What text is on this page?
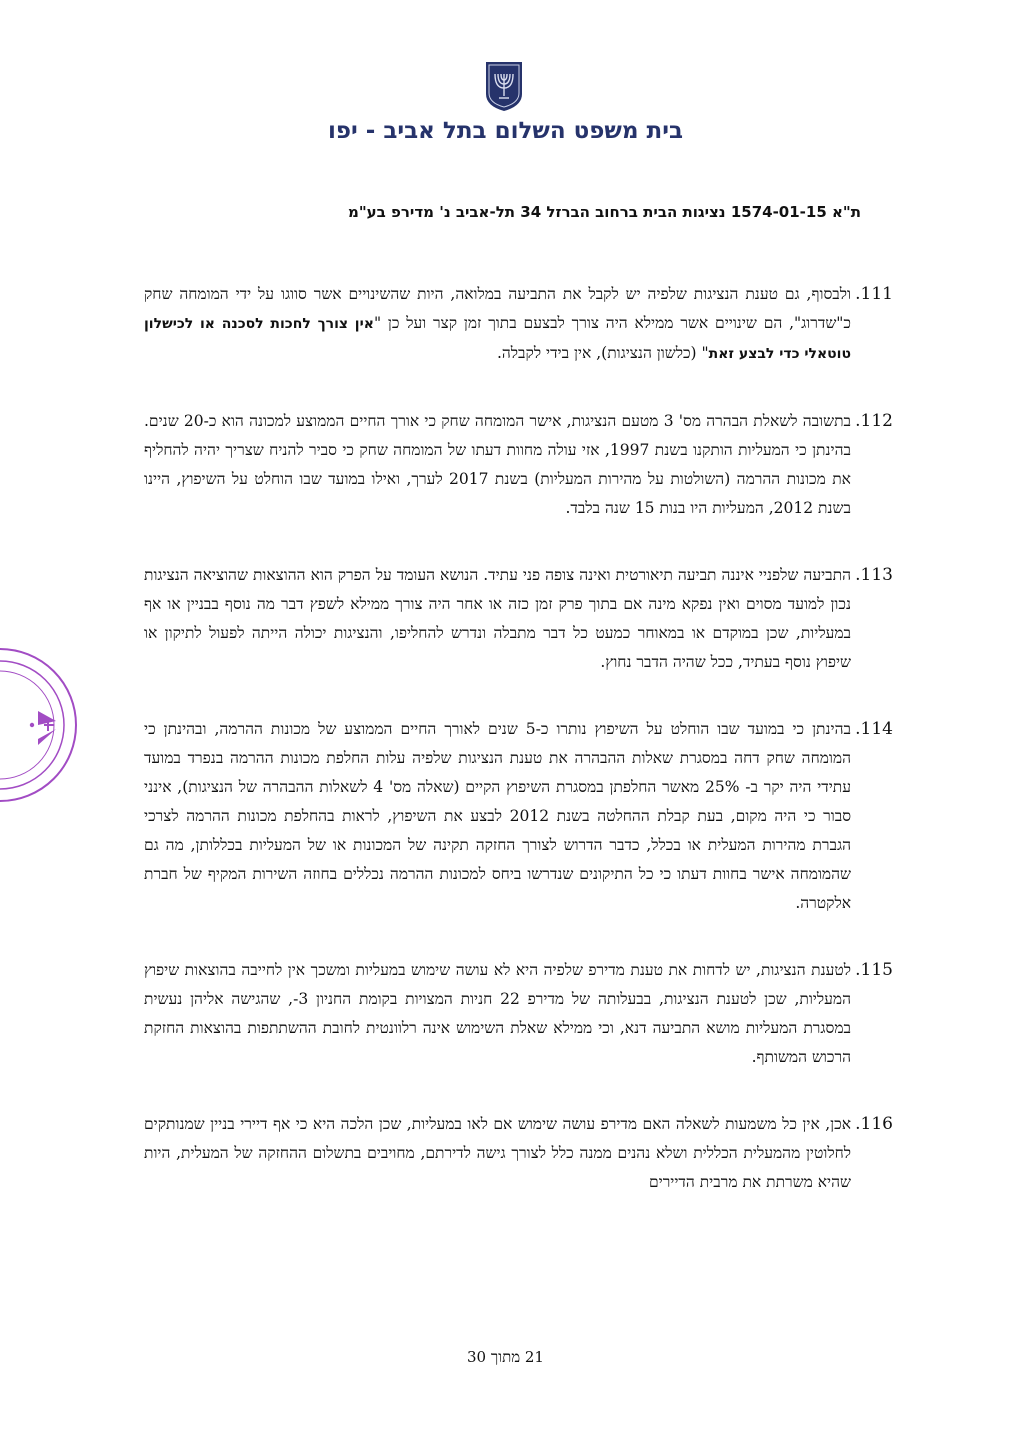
בית משפט השלום בתל אביב - יפו
ת"א 1574-01-15 נציגות הבית ברחוב הברזל 34 תל-אביב נ' מדירפ בע"מ
111.
ולבסוף, גם טענת הנציגות שלפיה יש לקבל את התביעה במלואה, היות שהשינויים אשר סווגו על ידי המומחה שחק כ"שדרוג", הם שינויים אשר ממילא היה צורך לבצעם בתוך זמן קצר ועל כן "אין צורך לחכות לסכנה או לכישלון טוטאלי כדי לבצע זאת" (כלשון הנציגות), אין בידי לקבלה.
112.
בתשובה לשאלת הבהרה מס' 3 מטעם הנציגות, אישר המומחה שחק כי אורך החיים הממוצע למכונה הוא כ-20 שנים. בהינתן כי המעליות הותקנו בשנת 1997, אזי עולה מחוות דעתו של המומחה שחק כי סביר להניח שצריך יהיה להחליף את מכונות ההרמה (השולטות על מהירות המעליות) בשנת 2017 לערך, ואילו במועד שבו הוחלט על השיפוץ, היינו בשנת 2012, המעליות היו בנות 15 שנה בלבד.
113.
התביעה שלפניי איננה תביעה תיאורטית ואינה צופה פני עתיד. הנושא העומד על הפרק הוא ההוצאות שהוציאה הנציגות נכון למועד מסוים ואין נפקא מינה אם בתוך פרק זמן כזה או אחר היה צורך ממילא לשפץ דבר מה נוסף בבניין או אף במעליות, שכן במוקדם או במאוחר כמעט כל דבר מתבלה ונדרש להחליפו, והנציגות יכולה הייתה לפעול לתיקון או שיפוץ נוסף בעתיד, ככל שהיה הדבר נחוץ.
114.
בהינתן כי במועד שבו הוחלט על השיפוץ נותרו כ-5 שנים לאורך החיים הממוצע של מכונות ההרמה, ובהינתן כי המומחה שחק דחה במסגרת שאלות ההבהרה את טענת הנציגות שלפיה עלות החלפת מכונות ההרמה בנפרד במועד עתידי היה יקר ב- 25% מאשר החלפתן במסגרת השיפוץ הקיים (שאלה מס' 4 לשאלות ההבהרה של הנציגות), אינני סבור כי היה מקום, בעת קבלת ההחלטה בשנת 2012 לבצע את השיפוץ, לראות בהחלפת מכונות ההרמה לצרכי הגברת מהירות המעלית או בכלל, כדבר הדרוש לצורך החזקה תקינה של המכונות או של המעליות בכללותן, מה גם שהמומחה אישר בחוות דעתו כי כל התיקונים שנדרשו ביחס למכונות ההרמה נכללים בחוזה השירות המקיף של חברת אלקטרה.
115.
לטענת הנציגות, יש לדחות את טענת מדירפ שלפיה היא לא עושה שימוש במעליות ומשכך אין לחייבה בהוצאות שיפוץ המעליות, שכן לטענת הנציגות, בבעלותה של מדירפ 22 חניות המצויות בקומת החניון 3-, שהגישה אליהן נעשית במסגרת המעליות מושא התביעה דנא, וכי ממילא שאלת השימוש אינה רלוונטית לחובת ההשתתפות בהוצאות החזקת הרכוש המשותף.
116.
אכן, אין כל משמעות לשאלה האם מדירפ עושה שימוש אם לאו במעליות, שכן הלכה היא כי אף דיירי בניין שמנותקים לחלוטין מהמעלית הכללית ושלא נהנים ממנה כלל לצורך גישה לדירתם, מחויבים בתשלום ההחזקה של המעלית, היות שהיא משרתת את מרבית הדיירים
21 מתוך 30
